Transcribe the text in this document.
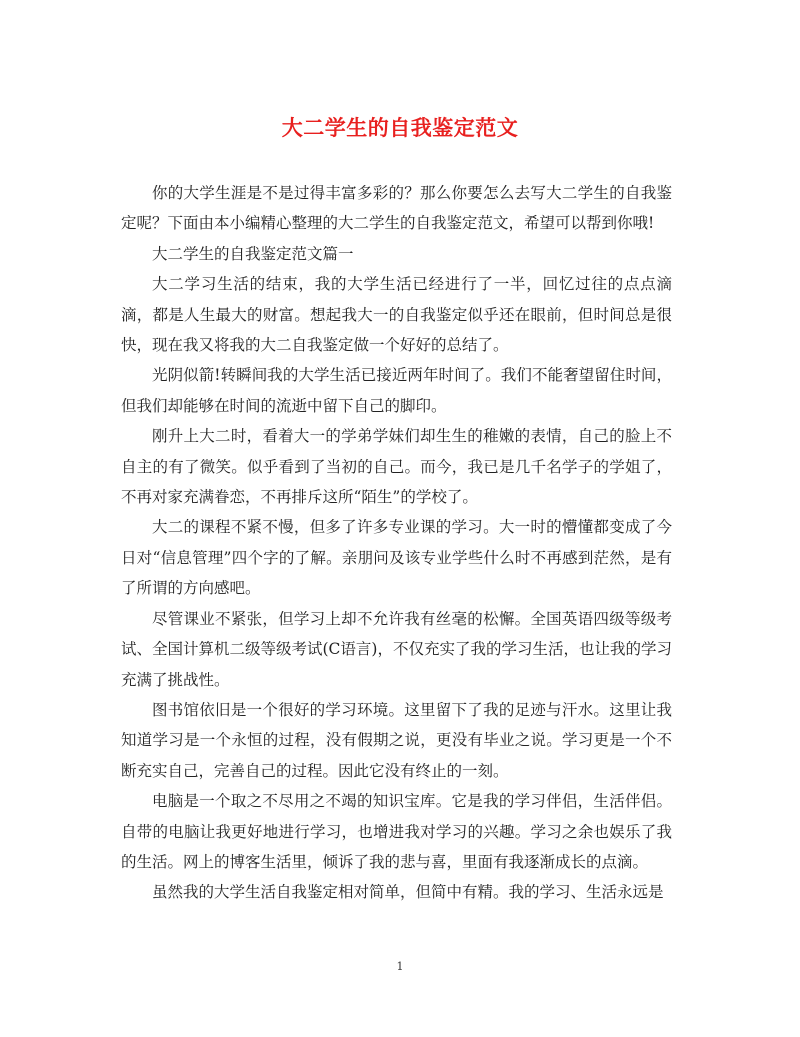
大二学生的自我鉴定范文

你的大学生涯是不是过得丰富多彩的？那么你要怎么去写大二学生的自我鉴定呢？下面由本小编精心整理的大二学生的自我鉴定范文，希望可以帮到你哦!

大二学生的自我鉴定范文篇一

大二学习生活的结束，我的大学生活已经进行了一半，回忆过往的点点滴滴，都是人生最大的财富。想起我大一的自我鉴定似乎还在眼前，但时间总是很快，现在我又将我的大二自我鉴定做一个好好的总结了。

光阴似箭!转瞬间我的大学生活已接近两年时间了。我们不能奢望留住时间，但我们却能够在时间的流逝中留下自己的脚印。

刚升上大二时，看着大一的学弟学妹们却生生的稚嫩的表情，自己的脸上不自主的有了微笑。似乎看到了当初的自己。而今，我已是几千名学子的学姐了，不再对家充满眷恋，不再排斥这所“陌生”的学校了。

大二的课程不紧不慢，但多了许多专业课的学习。大一时的懵懂都变成了今日对“信息管理”四个字的了解。亲朋问及该专业学些什么时不再感到茫然，是有了所谓的方向感吧。

尽管课业不紧张，但学习上却不允许我有丝毫的松懈。全国英语四级等级考试、全国计算机二级等级考试(C语言)，不仅充实了我的学习生活，也让我的学习充满了挑战性。

图书馆依旧是一个很好的学习环境。这里留下了我的足迹与汗水。这里让我知道学习是一个永恒的过程，没有假期之说，更没有毕业之说。学习更是一个不断充实自己，完善自己的过程。因此它没有终止的一刻。

电脑是一个取之不尽用之不竭的知识宝库。它是我的学习伴侣，生活伴侣。自带的电脑让我更好地进行学习，也增进我对学习的兴趣。学习之余也娱乐了我的生活。网上的博客生活里，倾诉了我的悲与喜，里面有我逐渐成长的点滴。

虽然我的大学生活自我鉴定相对简单，但简中有精。我的学习、生活永远是

1
